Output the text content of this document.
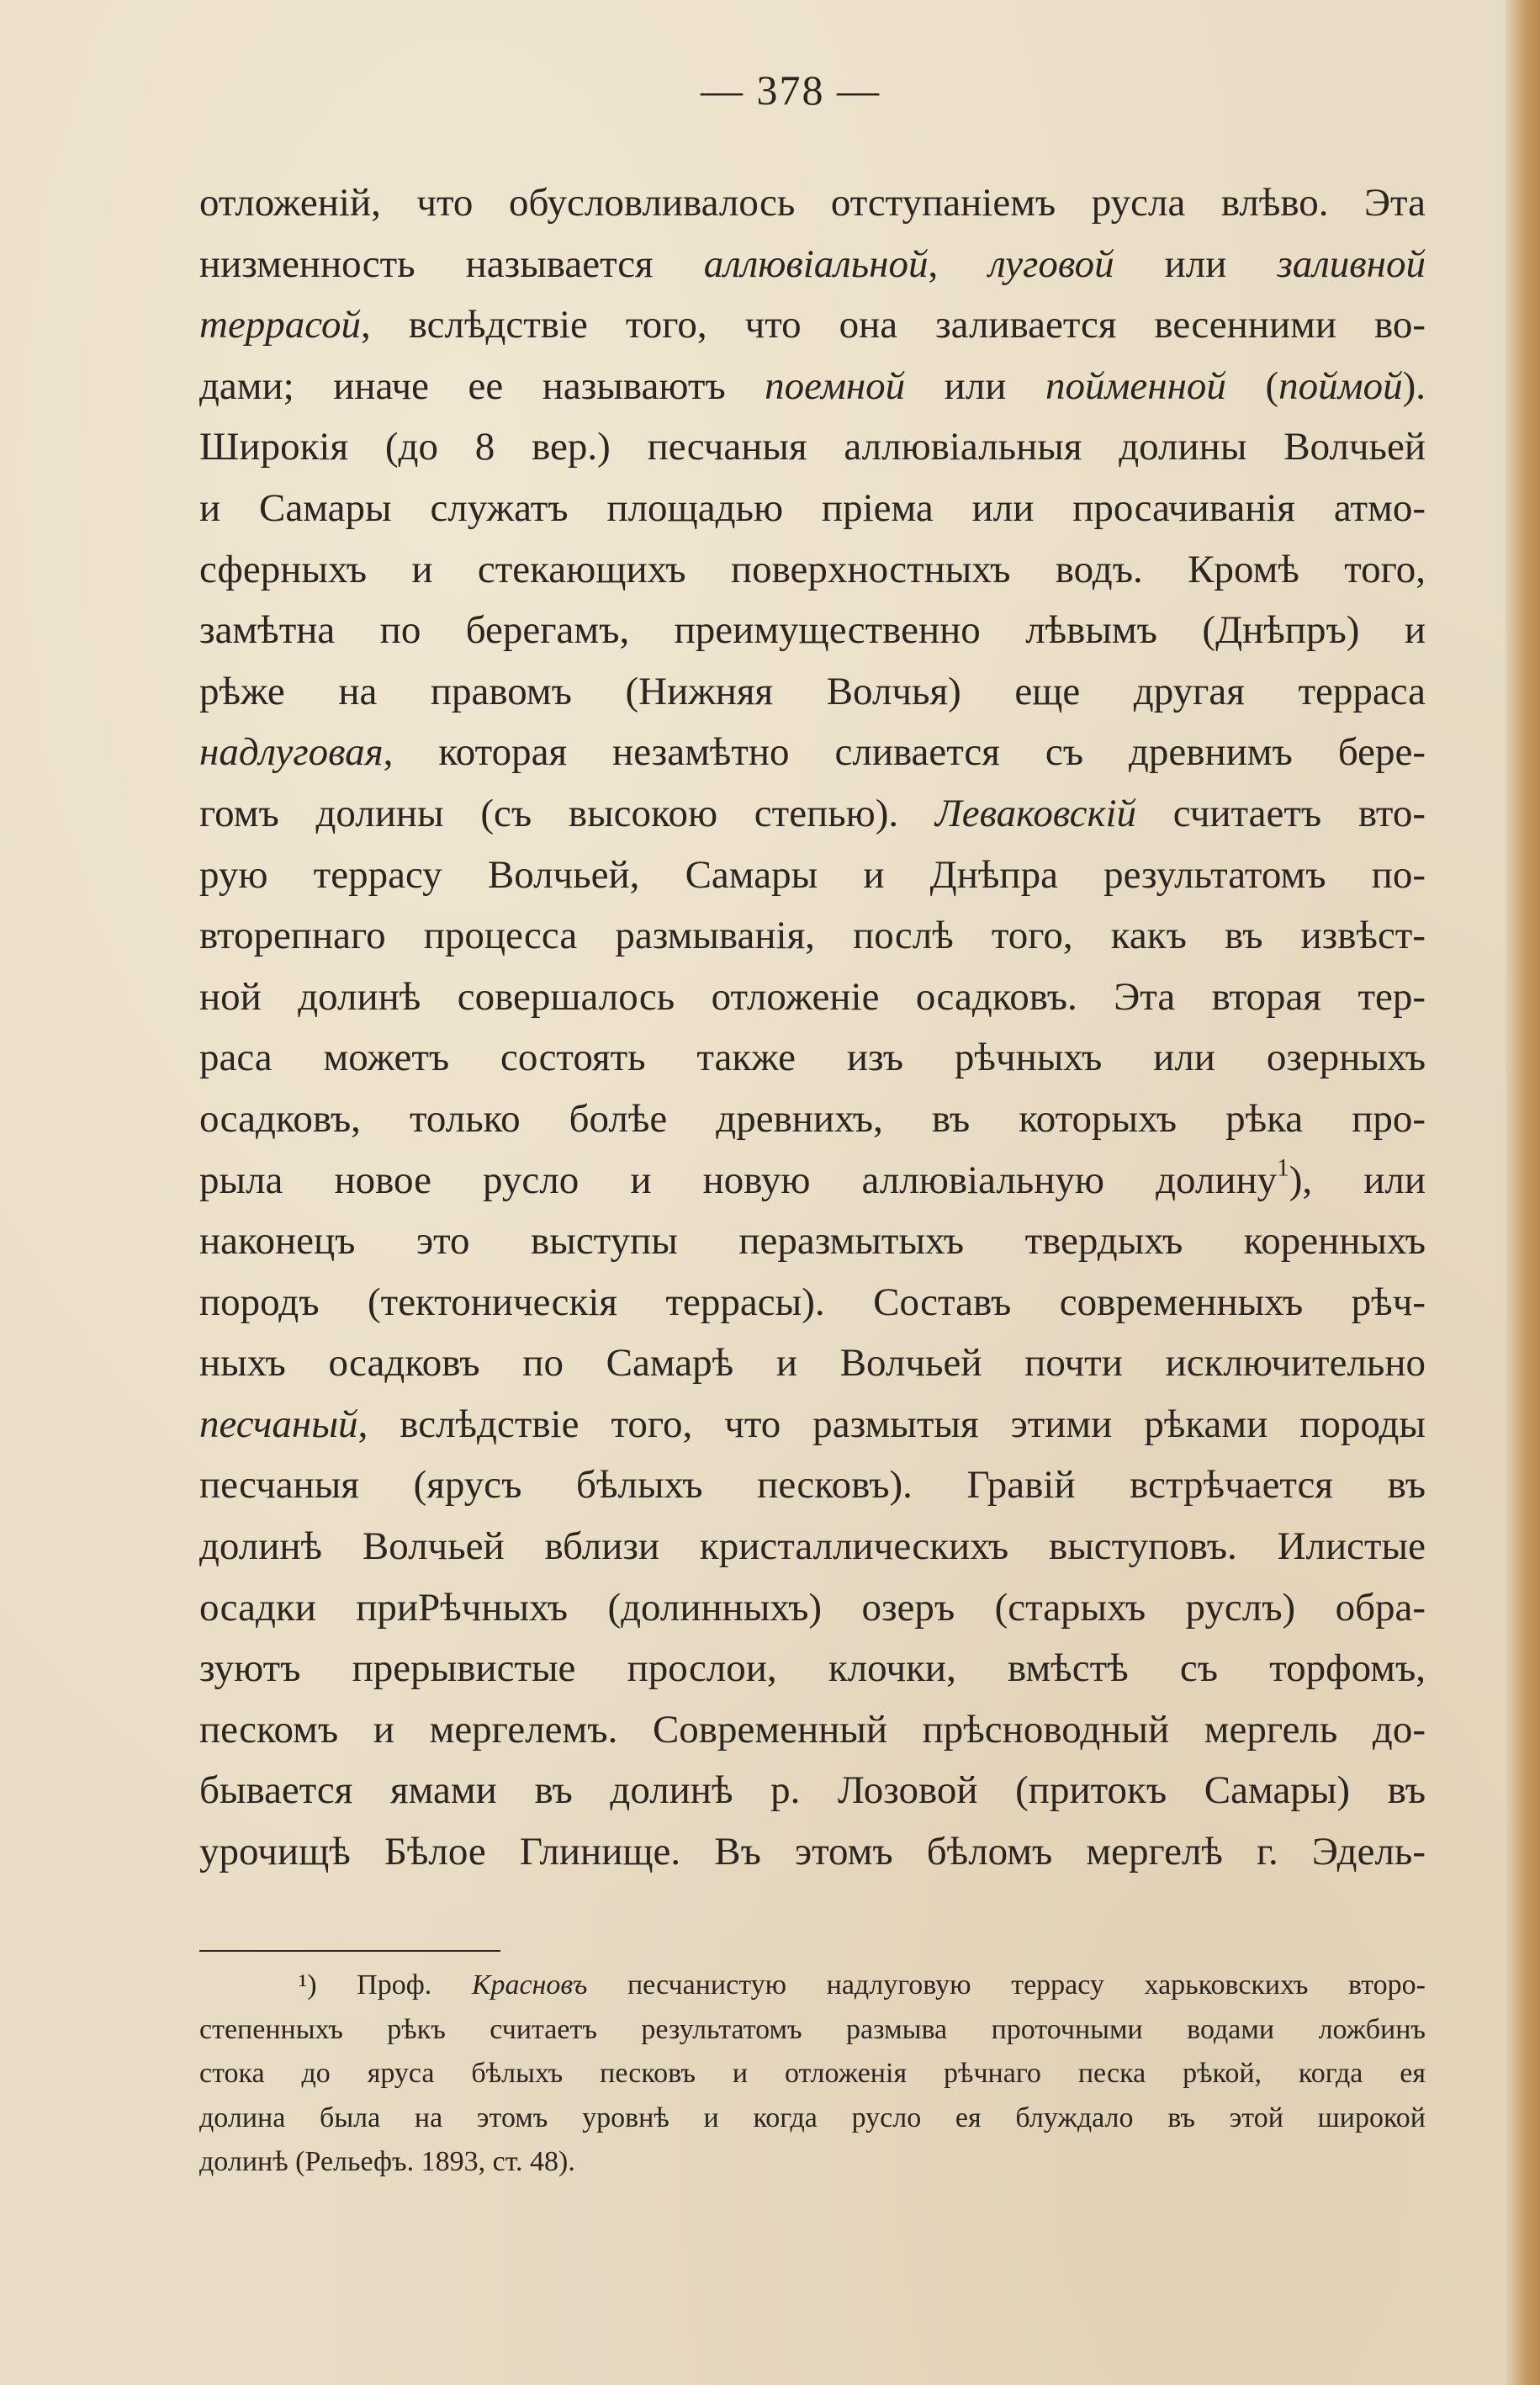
— 378 —
отложеній, что обусловливалось отступаніемъ русла влѣво. Эта
низменность называется аллювіальной, луговой или заливной
террасой, вслѣдствіе того, что она заливается весенними во-
дами; иначе ее называютъ поемной или пойменной (поймой).
Широкія (до 8 вер.) песчаныя аллювіальныя долины Волчьей
и Самары служатъ площадью пріема или просачиванія атмо-
сферныхъ и стекающихъ поверхностныхъ водъ. Кромѣ того,
замѣтна по берегамъ, преимущественно лѣвымъ (Днѣпръ) и
рѣже на правомъ (Нижняя Волчья) еще другая терраса
надлуговая, которая незамѣтно сливается съ древнимъ бере-
гомъ долины (съ высокою степью). Леваковскій считаетъ вто-
рую террасу Волчьей, Самары и Днѣпра результатомъ по-
вторепнаго процесса размыванія, послѣ того, какъ въ извѣст-
ной долинѣ совершалось отложеніе осадковъ. Эта вторая тер-
раса можетъ состоять также изъ рѣчныхъ или озерныхъ
осадковъ, только болѣе древнихъ, въ которыхъ рѣка про-
рыла новое русло и новую аллювіальную долину$^1$), или
наконецъ это выступы перазмытыхъ твердыхъ коренныхъ
породъ (тектоническія террасы). Составъ современныхъ рѣч-
ныхъ осадковъ по Самарѣ и Волчьей почти исключительно
песчаный, вслѣдствіе того, что размытыя этими рѣками породы
песчаныя (ярусъ бѣлыхъ песковъ). Гравій встрѣчается въ
долинѣ Волчьей вблизи кристаллическихъ выступовъ. Илистые
осадки приРѣчныхъ (долинныхъ) озеръ (старыхъ руслъ) обра-
зуютъ прерывистые прослои, клочки, вмѣстѣ съ торфомъ,
пескомъ и мергелемъ. Современный прѣсноводный мергель до-
бывается ямами въ долинѣ р. Лозовой (притокъ Самары) въ
урочищѣ Бѣлое Глинище. Въ этомъ бѣломъ мергелѣ г. Эдель-
¹) Проф. Красновъ песчанистую надлуговую террасу харьковскихъ второ-
степенныхъ рѣкъ считаетъ результатомъ размыва проточными водами ложбинъ
стока до яруса бѣлыхъ песковъ и отложенія рѣчнаго песка рѣкой, когда ея
долина была на этомъ уровнѣ и когда русло ея блуждало въ этой широкой
долинѣ (Рельефъ. 1893, ст. 48).
